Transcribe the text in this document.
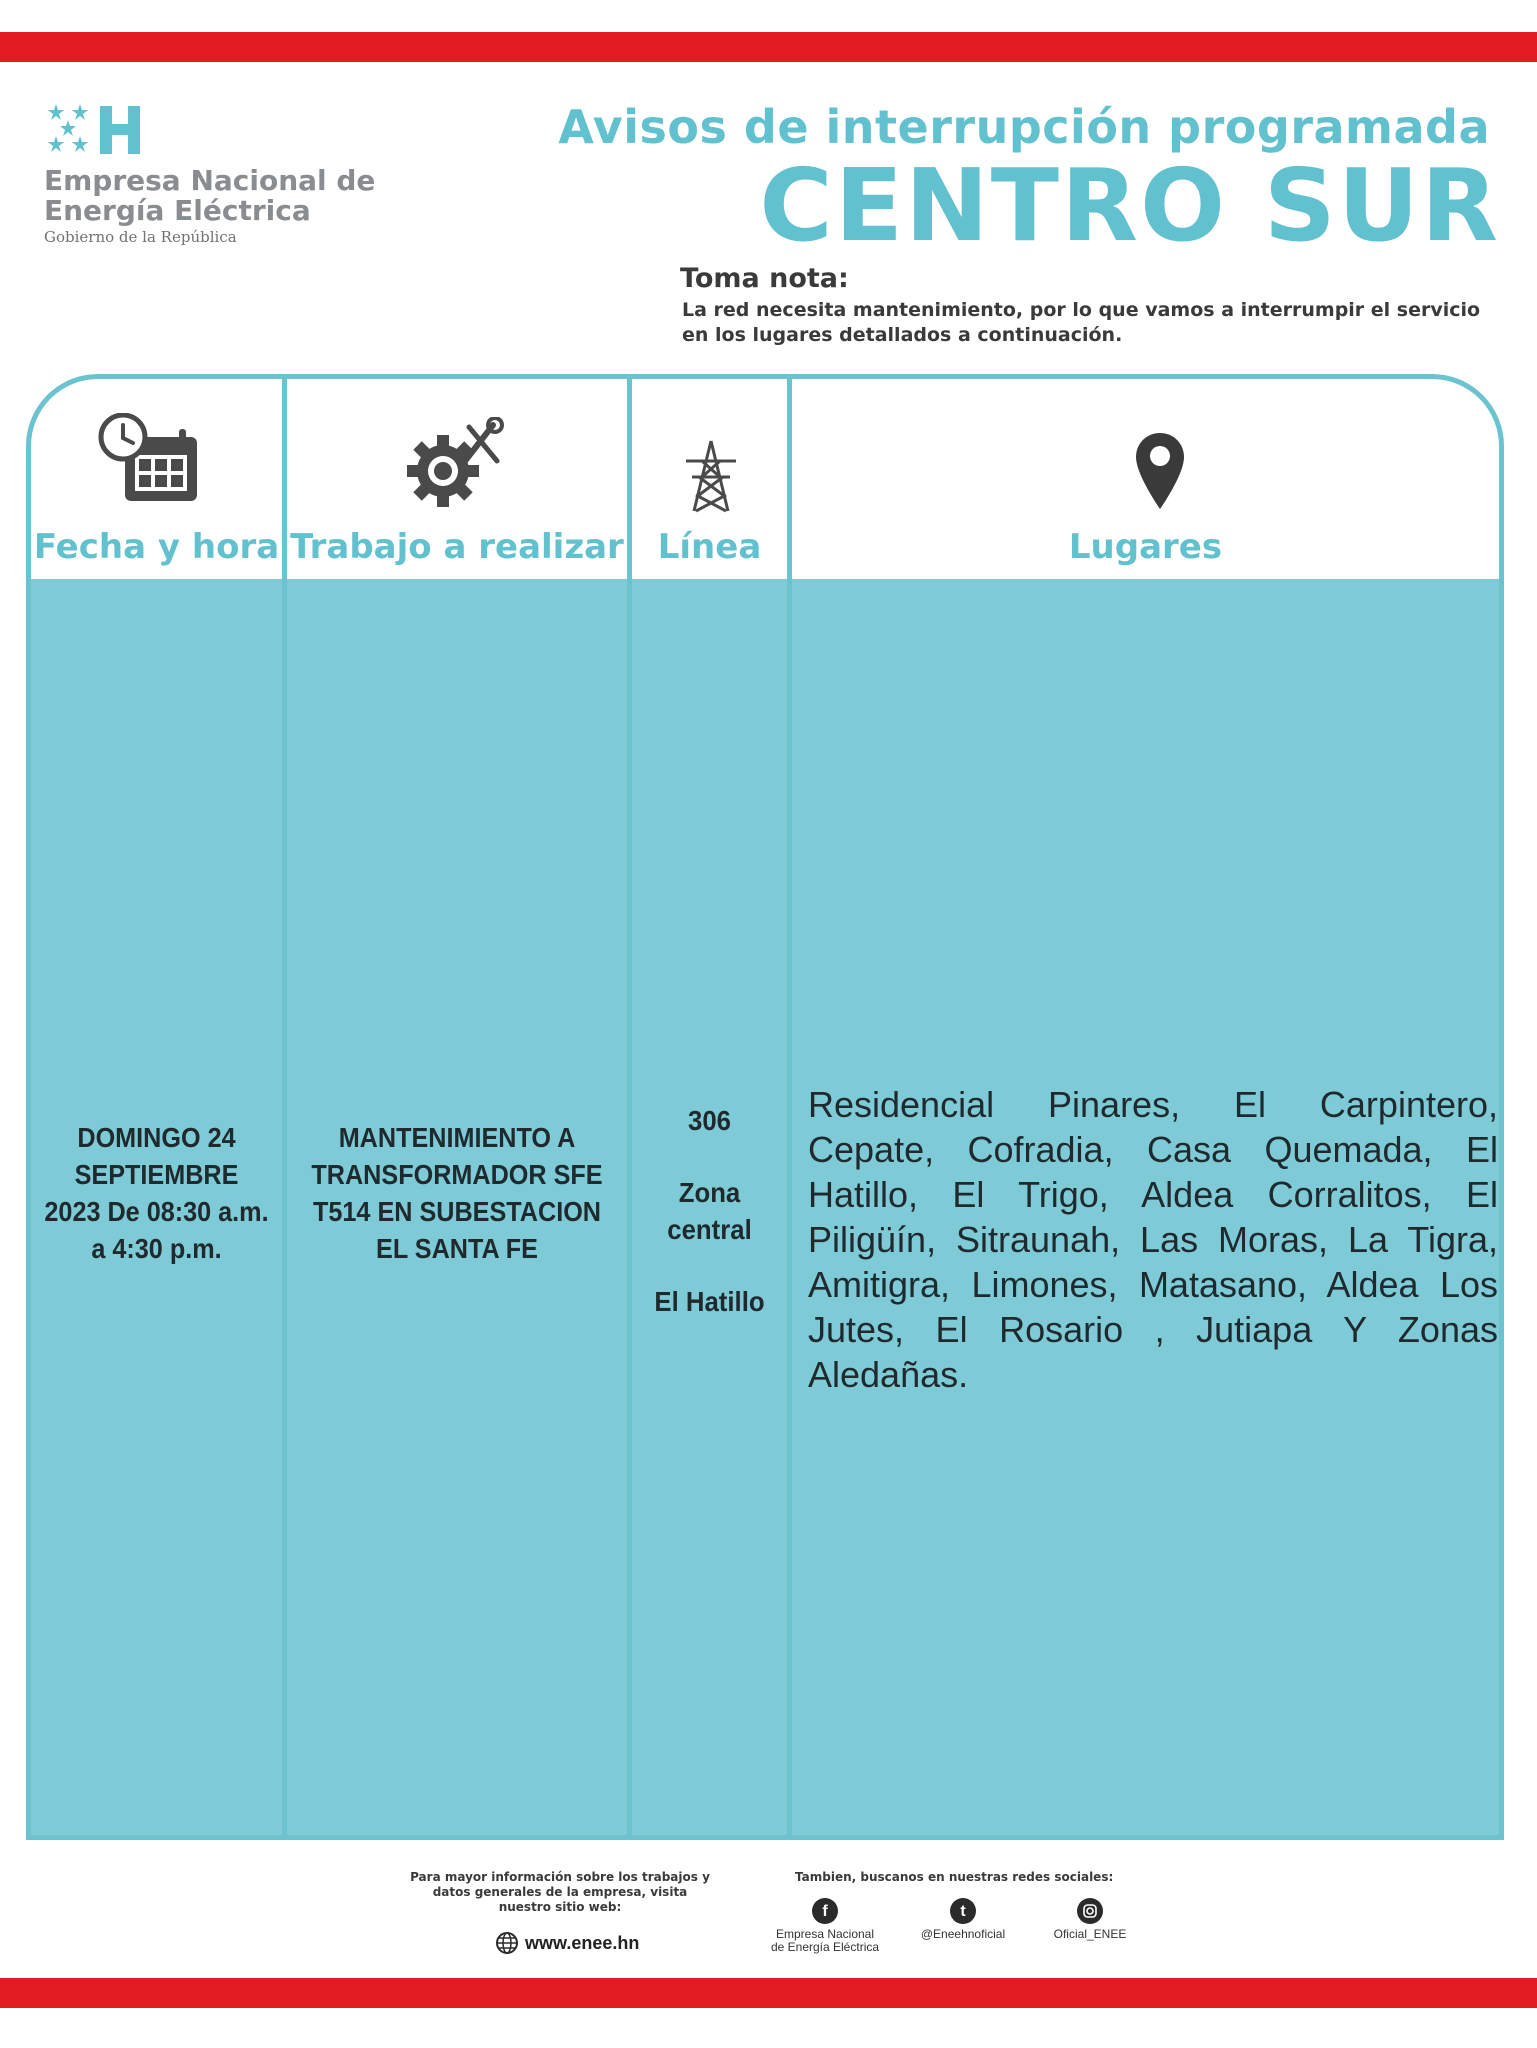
Empresa Nacional de Energía Eléctrica
Gobierno de la República
Avisos de interrupción programada
CENTRO SUR
Toma nota:
La red necesita mantenimiento, por lo que vamos a interrumpir el servicio en los lugares detallados a continuación.
Fecha y hora Trabajo a realizar Línea	Lugares
DOMINGO 24 SEPTIEMBRE 2023 De 08:30 a.m. a 4:30 p.m.
MANTENIMIENTO A TRANSFORMADOR SFE T514 EN SUBESTACION EL SANTA FE
306
Zona central
El Hatillo
Residencial Pinares, El Carpintero, Cepate, Cofradia, Casa Quemada, El Hatillo, El Trigo, Aldea Corralitos, El Piligüín, Sitraunah, Las Moras, La Tigra, Amitigra, Limones, Matasano, Aldea Los Jutes, El Rosario , Jutiapa Y Zonas Aledañas.
Para mayor información sobre los trabajos y datos generales de la empresa, visita nuestro sitio web:
www.enee.hn
Tambien, buscanos en nuestras redes sociales:
f
Empresa Nacional de Energía Eléctrica
t
@Eneehnoficial	Oficial_ENEE
